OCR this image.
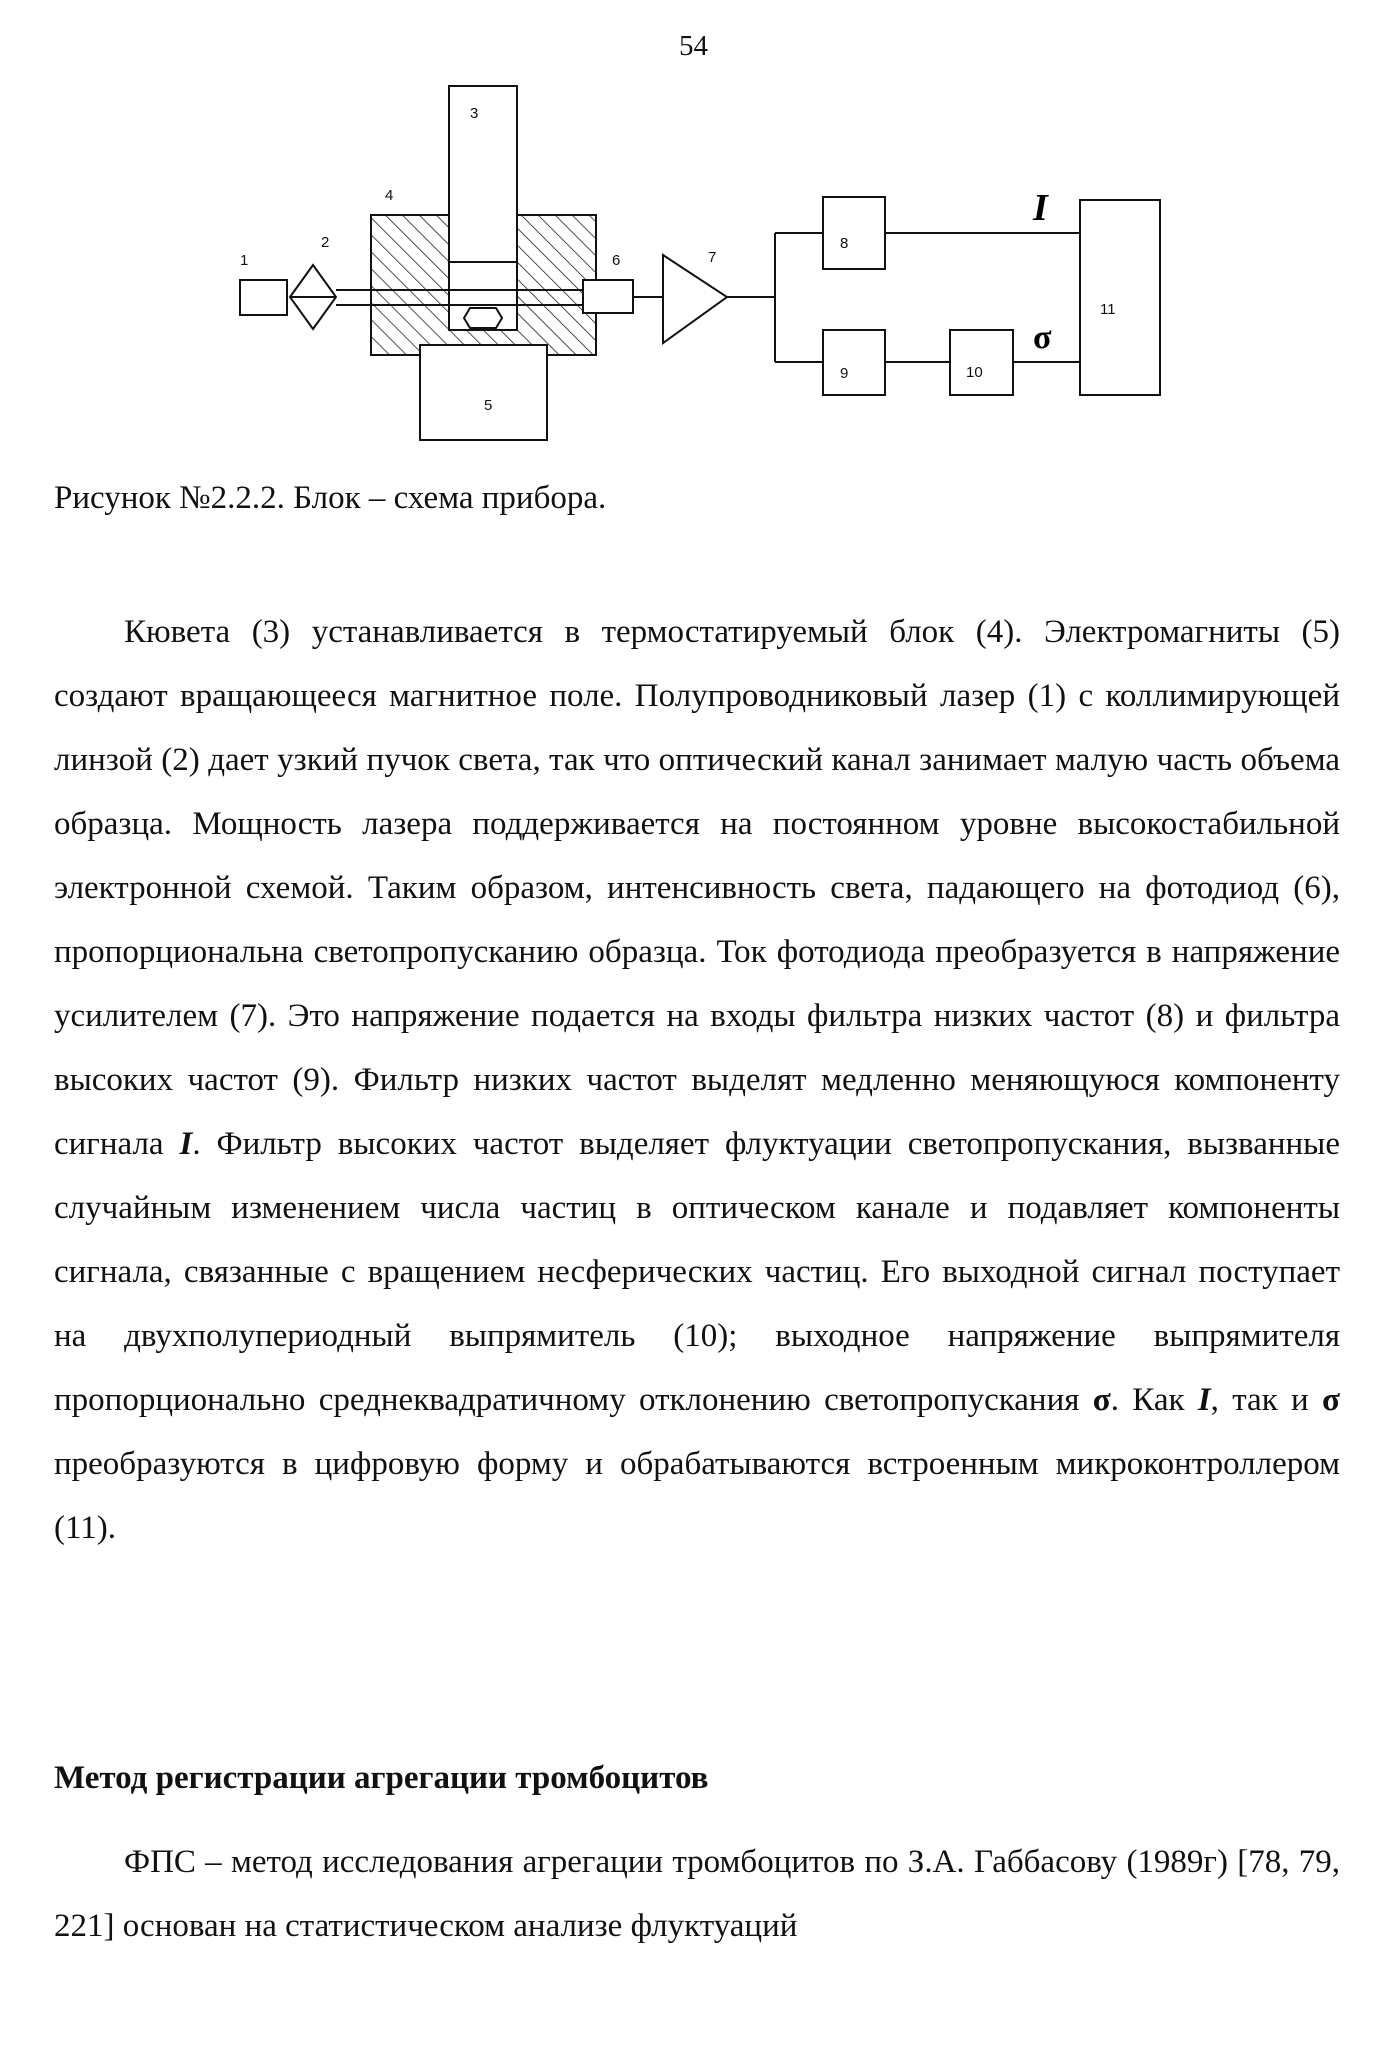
54
1
2
3
4
5
6	7
8
9	10
11
I
σ
Рисунок №2.2.2. Блок – схема прибора.

Кювета (3) устанавливается в термостатируемый блок (4). Электромагниты (5) создают вращающееся магнитное поле. Полупроводниковый лазер (1) с коллимирующей линзой (2) дает узкий пучок света, так что оптический канал занимает малую часть объема образца. Мощность лазера поддерживается на постоянном уровне высокостабильной электронной схемой. Таким образом, интенсивность света, падающего на фотодиод (6), пропорциональна светопропусканию образца. Ток фотодиода преобразуется в напряжение усилителем (7). Это напряжение подается на входы фильтра низких частот (8) и фильтра высоких частот (9). Фильтр низких частот выделят медленно меняющуюся компоненту сигнала I. Фильтр высоких частот выделяет флуктуации светопропускания, вызванные случайным изменением числа частиц в оптическом канале и подавляет компоненты сигнала, связанные с вращением несферических частиц. Его выходной сигнал поступает на двухполупериодный выпрямитель (10); выходное напряжение выпрямителя пропорционально среднеквадратичному отклонению светопропускания σ. Как I, так и σ преобразуются в цифровую форму и обрабатываются встроенным микроконтроллером (11).

Метод регистрации агрегации тромбоцитов

ФПС – метод исследования агрегации тромбоцитов по З.А. Габбасову (1989г) [78, 79, 221] основан на статистическом анализе флуктуаций
